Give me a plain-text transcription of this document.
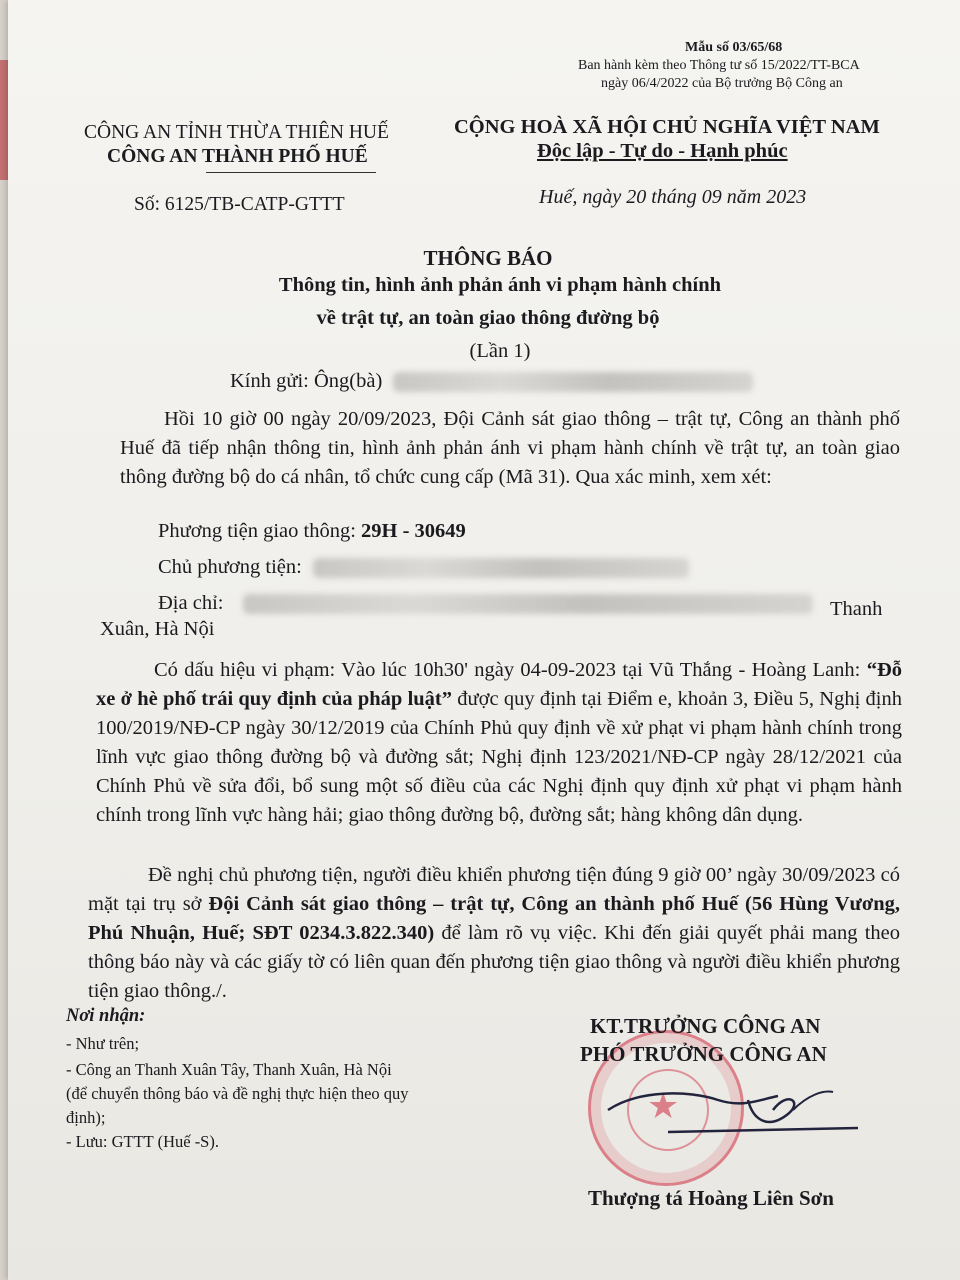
Mẫu số 03/65/68
Ban hành kèm theo Thông tư số 15/2022/TT-BCA
ngày 06/4/2022 của Bộ trưởng Bộ Công an
CÔNG AN TỈNH THỪA THIÊN HUẾ
CÔNG AN THÀNH PHỐ HUẾ
Số: 6125/TB-CATP-GTTT
CỘNG HOÀ XÃ HỘI CHỦ NGHĨA VIỆT NAM
Độc lập - Tự do - Hạnh phúc
Huế, ngày 20 tháng 09 năm 2023
THÔNG BÁO
Thông tin, hình ảnh phản ánh vi phạm hành chính
về trật tự, an toàn giao thông đường bộ
(Lần 1)
Kính gửi: Ông(bà)

Hồi 10 giờ 00 ngày 20/09/2023, Đội Cảnh sát giao thông – trật tự, Công an thành phố Huế đã tiếp nhận thông tin, hình ảnh phản ánh vi phạm hành chính về trật tự, an toàn giao thông đường bộ do cá nhân, tổ chức cung cấp (Mã 31). Qua xác minh, xem xét:

Phương tiện giao thông: 29H - 30649
Chủ phương tiện:
Địa chỉ:	Thanh
Xuân, Hà Nội

Có dấu hiệu vi phạm: Vào lúc 10h30' ngày 04-09-2023 tại Vũ Thắng - Hoàng Lanh: “Đỗ xe ở hè phố trái quy định của pháp luật” được quy định tại Điểm e, khoản 3, Điều 5, Nghị định 100/2019/NĐ-CP ngày 30/12/2019 của Chính Phủ quy định về xử phạt vi phạm hành chính trong lĩnh vực giao thông đường bộ và đường sắt; Nghị định 123/2021/NĐ-CP ngày 28/12/2021 của Chính Phủ về sửa đổi, bổ sung một số điều của các Nghị định quy định xử phạt vi phạm hành chính trong lĩnh vực hàng hải; giao thông đường bộ, đường sắt; hàng không dân dụng.

Đề nghị chủ phương tiện, người điều khiển phương tiện đúng 9 giờ 00’ ngày 30/09/2023 có mặt tại trụ sở Đội Cảnh sát giao thông – trật tự, Công an thành phố Huế (56 Hùng Vương, Phú Nhuận, Huế; SĐT 0234.3.822.340) để làm rõ vụ việc. Khi đến giải quyết phải mang theo thông báo này và các giấy tờ có liên quan đến phương tiện giao thông và người điều khiển phương tiện giao thông./.

Nơi nhận:
- Như trên;
- Công an Thanh Xuân Tây, Thanh Xuân, Hà Nội
(để chuyển thông báo và đề nghị thực hiện theo quy
định);
- Lưu: GTTT (Huế -S).
★
KT.TRƯỞNG CÔNG AN
PHÓ TRƯỞNG CÔNG AN
Thượng tá Hoàng Liên Sơn
